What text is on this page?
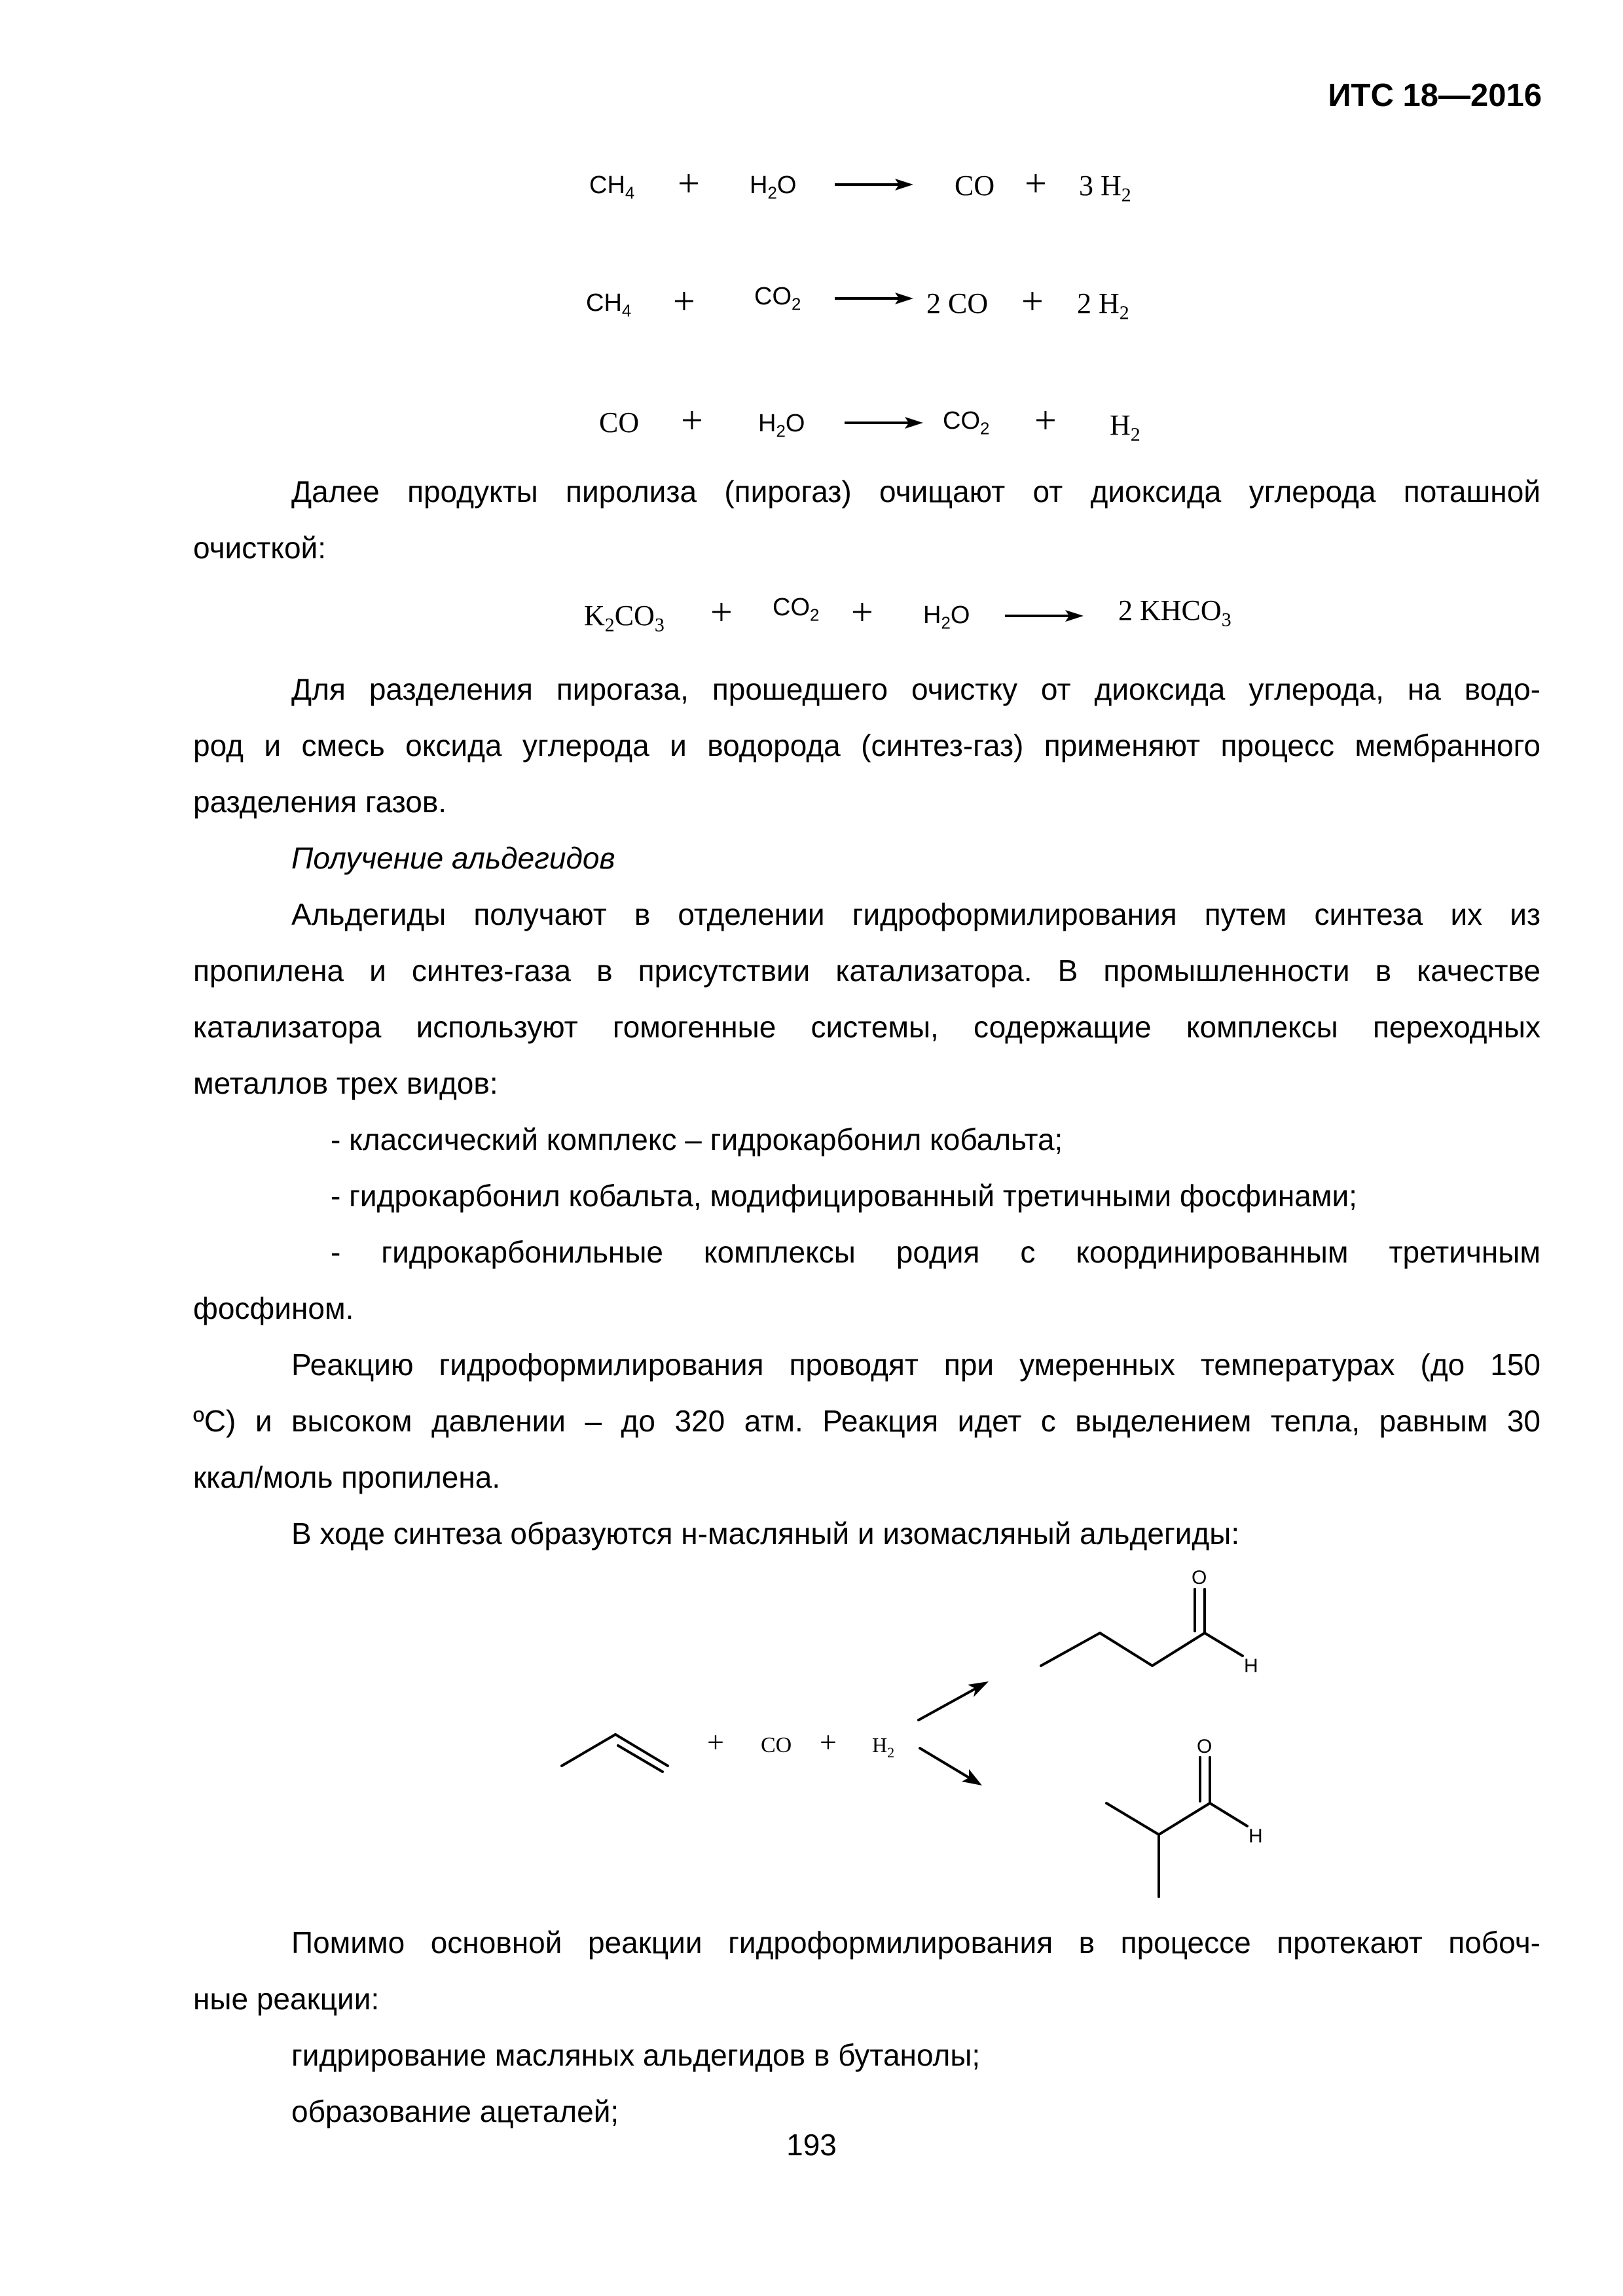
ИТС 18—2016
$CH_4 + H_2O$	CO + 3 $H_2$
$CH_4 + CO_2$	2 CO + 2 $H_2$
CO + $H_2O$	$CO_2 + H_2$
Далее продукты пиролиза (пирогаз) очищают от диоксида углерода поташной
очисткой:
$K_2CO_3 + CO_2 + H_2O$	2 $KHCO_3$
Для разделения пирогаза, прошедшего очистку от диоксида углерода, на водо-
род и смесь оксида углерода и водорода (синтез-газ) применяют процесс мембранного
разделения газов.
Получение альдегидов
Альдегиды получают в отделении гидроформилирования путем синтеза их из
пропилена и синтез-газа в присутствии катализатора. В промышленности в качестве
катализатора используют гомогенные системы, содержащие комплексы переходных
металлов трех видов:
- классический комплекс – гидрокарбонил кобальта;
- гидрокарбонил кобальта, модифицированный третичными фосфинами;
- гидрокарбонильные комплексы родия с координированным третичным
фосфином.
Реакцию гидроформилирования проводят при умеренных температурах (до 150
ºС) и высоком давлении – до 320 атм. Реакция идет с выделением тепла, равным 30
ккал/моль пропилена.
В ходе синтеза образуются н-масляный и изомасляный альдегиды:
+ CO + $H_2$
O
H
O
H
Помимо основной реакции гидроформилирования в процессе протекают побоч-
ные реакции:
гидрирование масляных альдегидов в бутанолы;
образование ацеталей;
193
